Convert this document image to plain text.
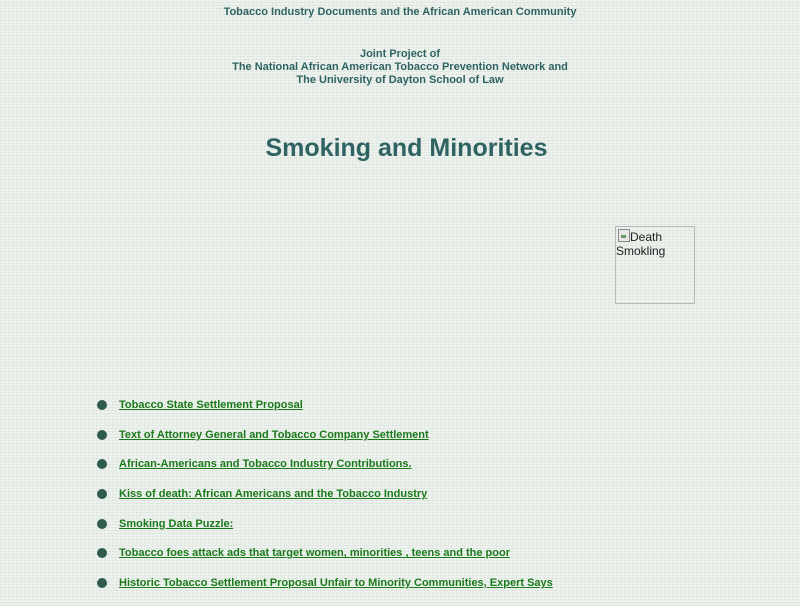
Tobacco Industry Documents and the African American Community
Joint Project of
The National African American Tobacco Prevention Network and
The University of Dayton School of Law
Smoking and Minorities
Death Smokling
Tobacco State Settlement Proposal
Text of Attorney General and Tobacco Company Settlement
African-Americans and Tobacco Industry Contributions.
Kiss of death: African Americans and the Tobacco Industry
Smoking Data Puzzle:
Tobacco foes attack ads that target women, minorities , teens and the poor
Historic Tobacco Settlement Proposal Unfair to Minority Communities, Expert Says
